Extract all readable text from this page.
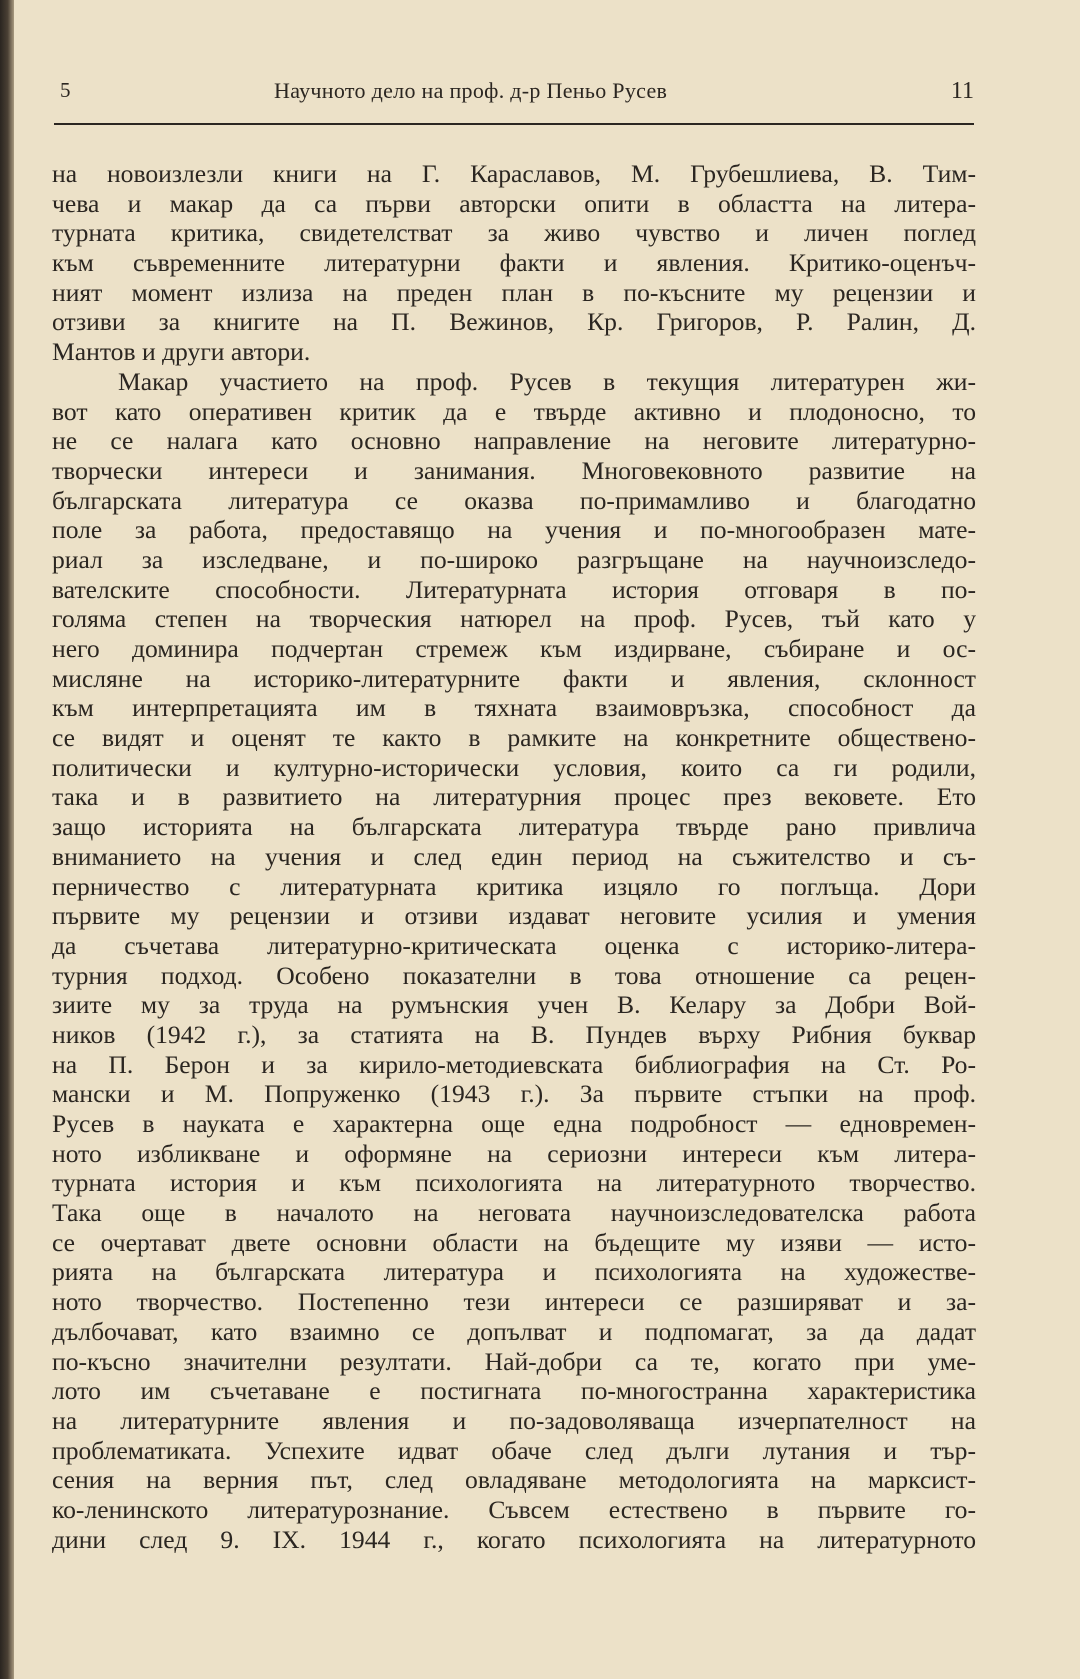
5	Научното дело на проф. д-р Пеньо Русев	11
на новоизлезли книги на Г. Караславов, М. Грубешлиева, В. Тим-
чева и макар да са първи авторски опити в областта на литера-
турната критика, свидетелстват за живо чувство и личен поглед
към съвременните литературни факти и явления. Критико-оценъч-
ният момент излиза на преден план в по-късните му рецензии и
отзиви за книгите на П. Вежинов, Кр. Григоров, Р. Ралин, Д.
Мантов и други автори.
Макар участието на проф. Русев в текущия литературен жи-
вот като оперативен критик да е твърде активно и плодоносно, то
не се налага като основно направление на неговите литературно-
творчески интереси и занимания. Многовековното развитие на
българската литература се оказва по-примамливо и благодатно
поле за работа, предоставящо на учения и по-многообразен мате-
риал за изследване, и по-широко разгръщане на научноизследо-
вателските способности. Литературната история отговаря в по-
голяма степен на творческия натюрел на проф. Русев, тъй като у
него доминира подчертан стремеж към издирване, събиране и ос-
мисляне на историко-литературните факти и явления, склонност
към интерпретацията им в тяхната взаимовръзка, способност да
се видят и оценят те както в рамките на конкретните обществено-
политически и културно-исторически условия, които са ги родили,
така и в развитието на литературния процес през вековете. Ето
защо историята на българската литература твърде рано привлича
вниманието на учения и след един период на съжителство и съ-
перничество с литературната критика изцяло го поглъща. Дори
първите му рецензии и отзиви издават неговите усилия и умения
да съчетава литературно-критическата оценка с историко-литера-
турния подход. Особено показателни в това отношение са рецен-
зиите му за труда на румънския учен В. Келару за Добри Вой-
ников (1942 г.), за статията на В. Пундев върху Рибния буквар
на П. Берон и за кирило-методиевската библиография на Ст. Ро-
мански и М. Попруженко (1943 г.). За първите стъпки на проф.
Русев в науката е характерна още една подробност — едновремен-
ното избликване и оформяне на сериозни интереси към литера-
турната история и към психологията на литературното творчество.
Така още в началото на неговата научноизследователска работа
се очертават двете основни области на бъдещите му изяви — исто-
рията на българската литература и психологията на художестве-
ното творчество. Постепенно тези интереси се разширяват и за-
дълбочават, като взаимно се допълват и подпомагат, за да дадат
по-късно значителни резултати. Най-добри са те, когато при уме-
лото им съчетаване е постигната по-многостранна характеристика
на литературните явления и по-задоволяваща изчерпателност на
проблематиката. Успехите идват обаче след дълги лутания и тър-
сения на верния път, след овладяване методологията на марксист-
ко-ленинското литературознание. Съвсем естествено в първите го-
дини след 9. IX. 1944 г., когато психологията на литературното
